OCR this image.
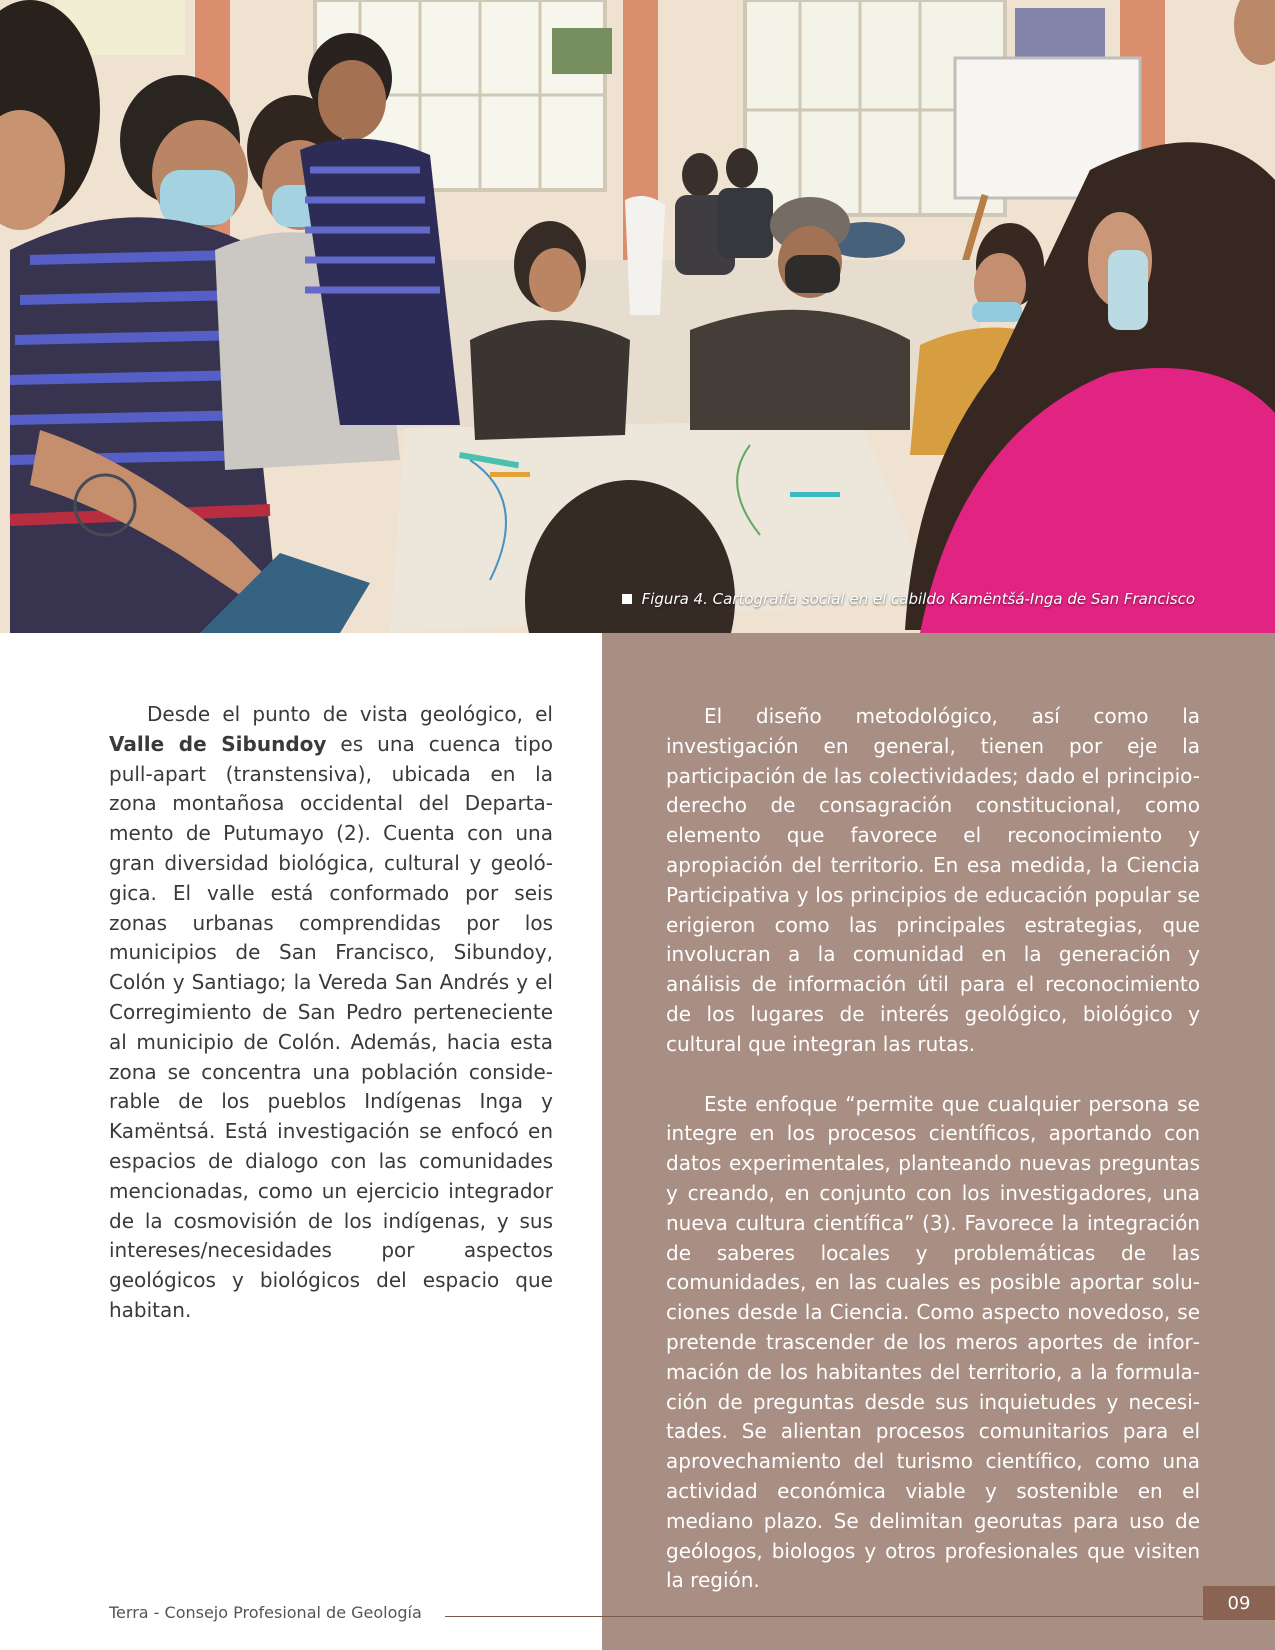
Figura 4. Cartografía social en el cabildo Kamëntšá-Inga de San Francisco

Desde el punto de vista geológico, el Valle de Sibundoy es una cuenca tipo pull-apart (transtensiva), ubicada en la zona montañosa occidental del Departamento de Putumayo (2). Cuenta con una gran diversidad biológica, cultural y geológica. El valle está conformado por seis zonas urbanas comprendidas por los municipios de San Francisco, Sibundoy, Colón y Santiago; la Vereda San Andrés y el Corregimiento de San Pedro perteneciente al municipio de Colón. Además, hacia esta zona se concentra una población considerable de los pueblos Indígenas Inga y Kamëntsá. Está investigación se enfocó en espacios de dialogo con las comunidades mencionadas, como un ejercicio integrador de la cosmovisión de los indígenas, y sus intereses/necesidades por aspectos geológicos y biológicos del espacio que habitan.

El diseño metodológico, así como la investigación en general, tienen por eje la participación de las colectividades; dado el principio-derecho de consagración constitucional, como elemento que favorece el reconocimiento y apropiación del territorio. En esa medida, la Ciencia Participativa y los principios de educación popular se erigieron como las principales estrategias, que involucran a la comunidad en la generación y análisis de información útil para el reconocimiento de los lugares de interés geológico, biológico y cultural que integran las rutas.

Este enfoque “permite que cualquier persona se integre en los procesos científicos, aportando con datos experimentales, planteando nuevas preguntas y creando, en conjunto con los investigadores, una nueva cultura científica” (3). Favorece la integración de saberes locales y problemáticas de las comunidades, en las cuales es posible aportar soluciones desde la Ciencia. Como aspecto novedoso, se pretende trascender de los meros aportes de información de los habitantes del territorio, a la formulación de preguntas desde sus inquietudes y necesitades. Se alientan procesos comunitarios para el aprovechamiento del turismo científico, como una actividad económica viable y sostenible en el mediano plazo. Se delimitan georutas para uso de geólogos, biologos y otros profesionales que visiten la región.

Terra - Consejo Profesional de Geología	09
